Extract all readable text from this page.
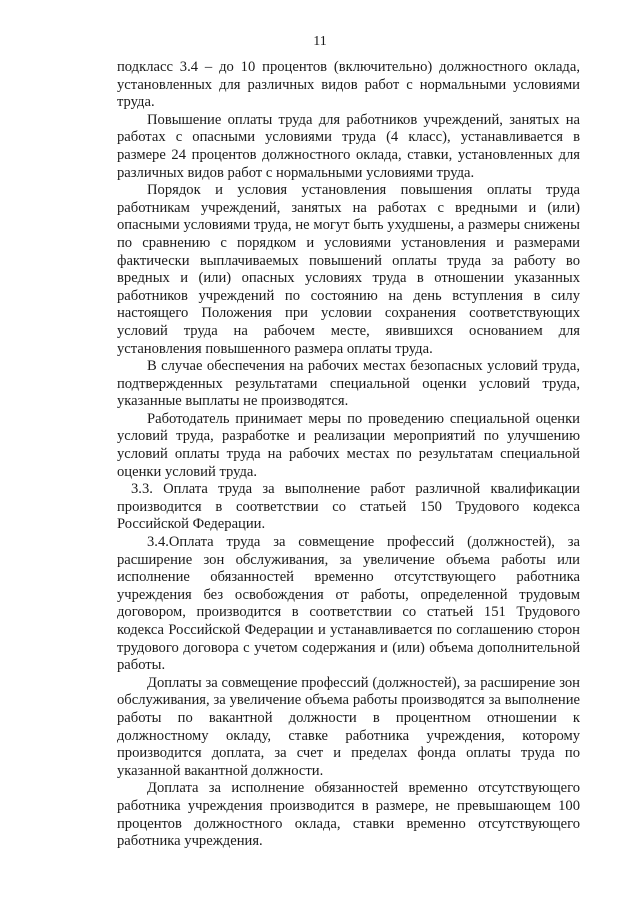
11

подкласс 3.4 – до 10 процентов (включительно) должностного оклада, установленных для различных видов работ с нормальными условиями труда.

Повышение оплаты труда для работников учреждений, занятых на работах с опасными условиями труда (4 класс), устанавливается в размере 24 процентов должностного оклада, ставки, установленных для различных видов работ с нормальными условиями труда.

Порядок и условия установления повышения оплаты труда работникам учреждений, занятых на работах с вредными и (или) опасными условиями труда, не могут быть ухудшены, а размеры снижены по сравнению с порядком и условиями установления и размерами фактически выплачиваемых повышений оплаты труда за работу во вредных и (или) опасных условиях труда в отношении указанных работников учреждений по состоянию на день вступления в силу настоящего Положения при условии сохранения соответствующих условий труда на рабочем месте, явившихся основанием для установления повышенного размера оплаты труда.

В случае обеспечения на рабочих местах безопасных условий труда, подтвержденных результатами специальной оценки условий труда, указанные выплаты не производятся.

Работодатель принимает меры по проведению специальной оценки условий труда, разработке и реализации мероприятий по улучшению условий оплаты труда на рабочих местах по результатам специальной оценки условий труда.

3.3. Оплата труда за выполнение работ различной квалификации производится в соответствии со статьей 150 Трудового кодекса Российской Федерации.

3.4.Оплата труда за совмещение профессий (должностей), за расширение зон обслуживания, за увеличение объема работы или исполнение обязанностей временно отсутствующего работника учреждения без освобождения от работы, определенной трудовым договором, производится в соответствии со статьей 151 Трудового кодекса Российской Федерации и устанавливается по соглашению сторон трудового договора с учетом содержания и (или) объема дополнительной работы.

Доплаты за совмещение профессий (должностей), за расширение зон обслуживания, за увеличение объема работы производятся за выполнение работы по вакантной должности в процентном отношении к должностному окладу, ставке работника учреждения, которому производится доплата, за счет и пределах фонда оплаты труда по указанной вакантной должности.

Доплата за исполнение обязанностей временно отсутствующего работника учреждения производится в размере, не превышающем 100 процентов должностного оклада, ставки временно отсутствующего работника учреждения.
